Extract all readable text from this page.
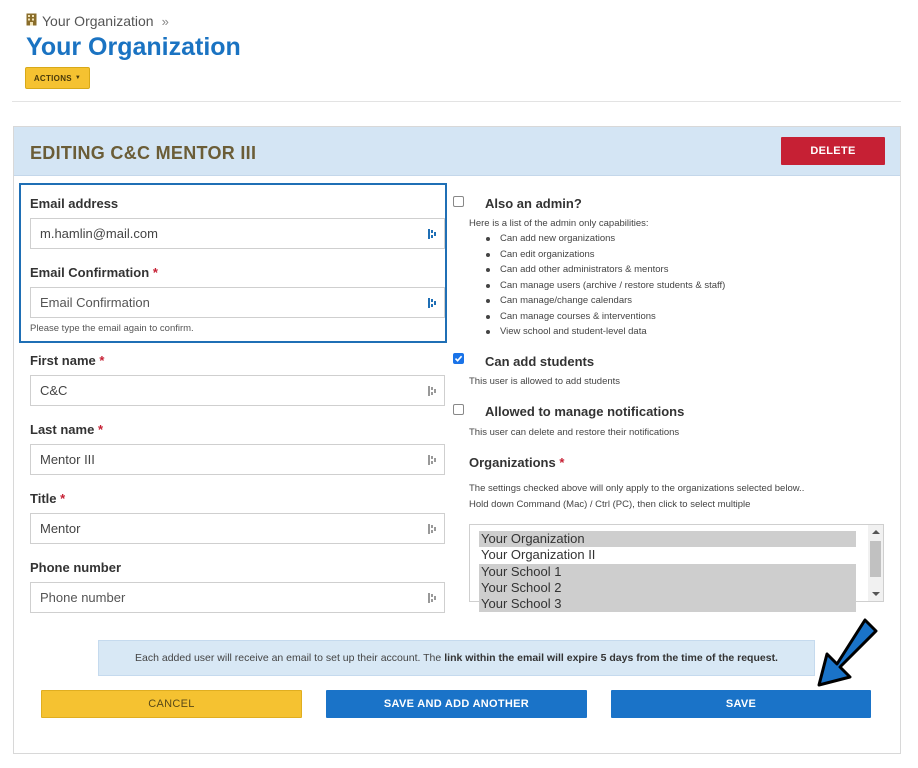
Your Organization »
Your Organization
ACTIONS ▼
EDITING C&C MENTOR III	DELETE
Email address
m.hamlin@mail.com
Email Confirmation *
Email Confirmation
Please type the email again to confirm.
First name *
C&C
Last name *
Mentor III
Title *
Mentor
Phone number
Phone number
Also an admin?
Here is a list of the admin only capabilities:
Can add new organizations
Can edit organizations
Can add other administrators & mentors
Can manage users (archive / restore students & staff)
Can manage/change calendars
Can manage courses & interventions
View school and student-level data
Can add students
This user is allowed to add students
Allowed to manage notifications
This user can delete and restore their notifications
Organizations *
The settings checked above will only apply to the organizations selected below..
Hold down Command (Mac) / Ctrl (PC), then click to select multiple
Your Organization
Your Organization II
Your School 1
Your School 2
Your School 3
Each added user will receive an email to set up their account. The link within the email will expire 5 days from the time of the request.
CANCEL	SAVE AND ADD ANOTHER	SAVE
